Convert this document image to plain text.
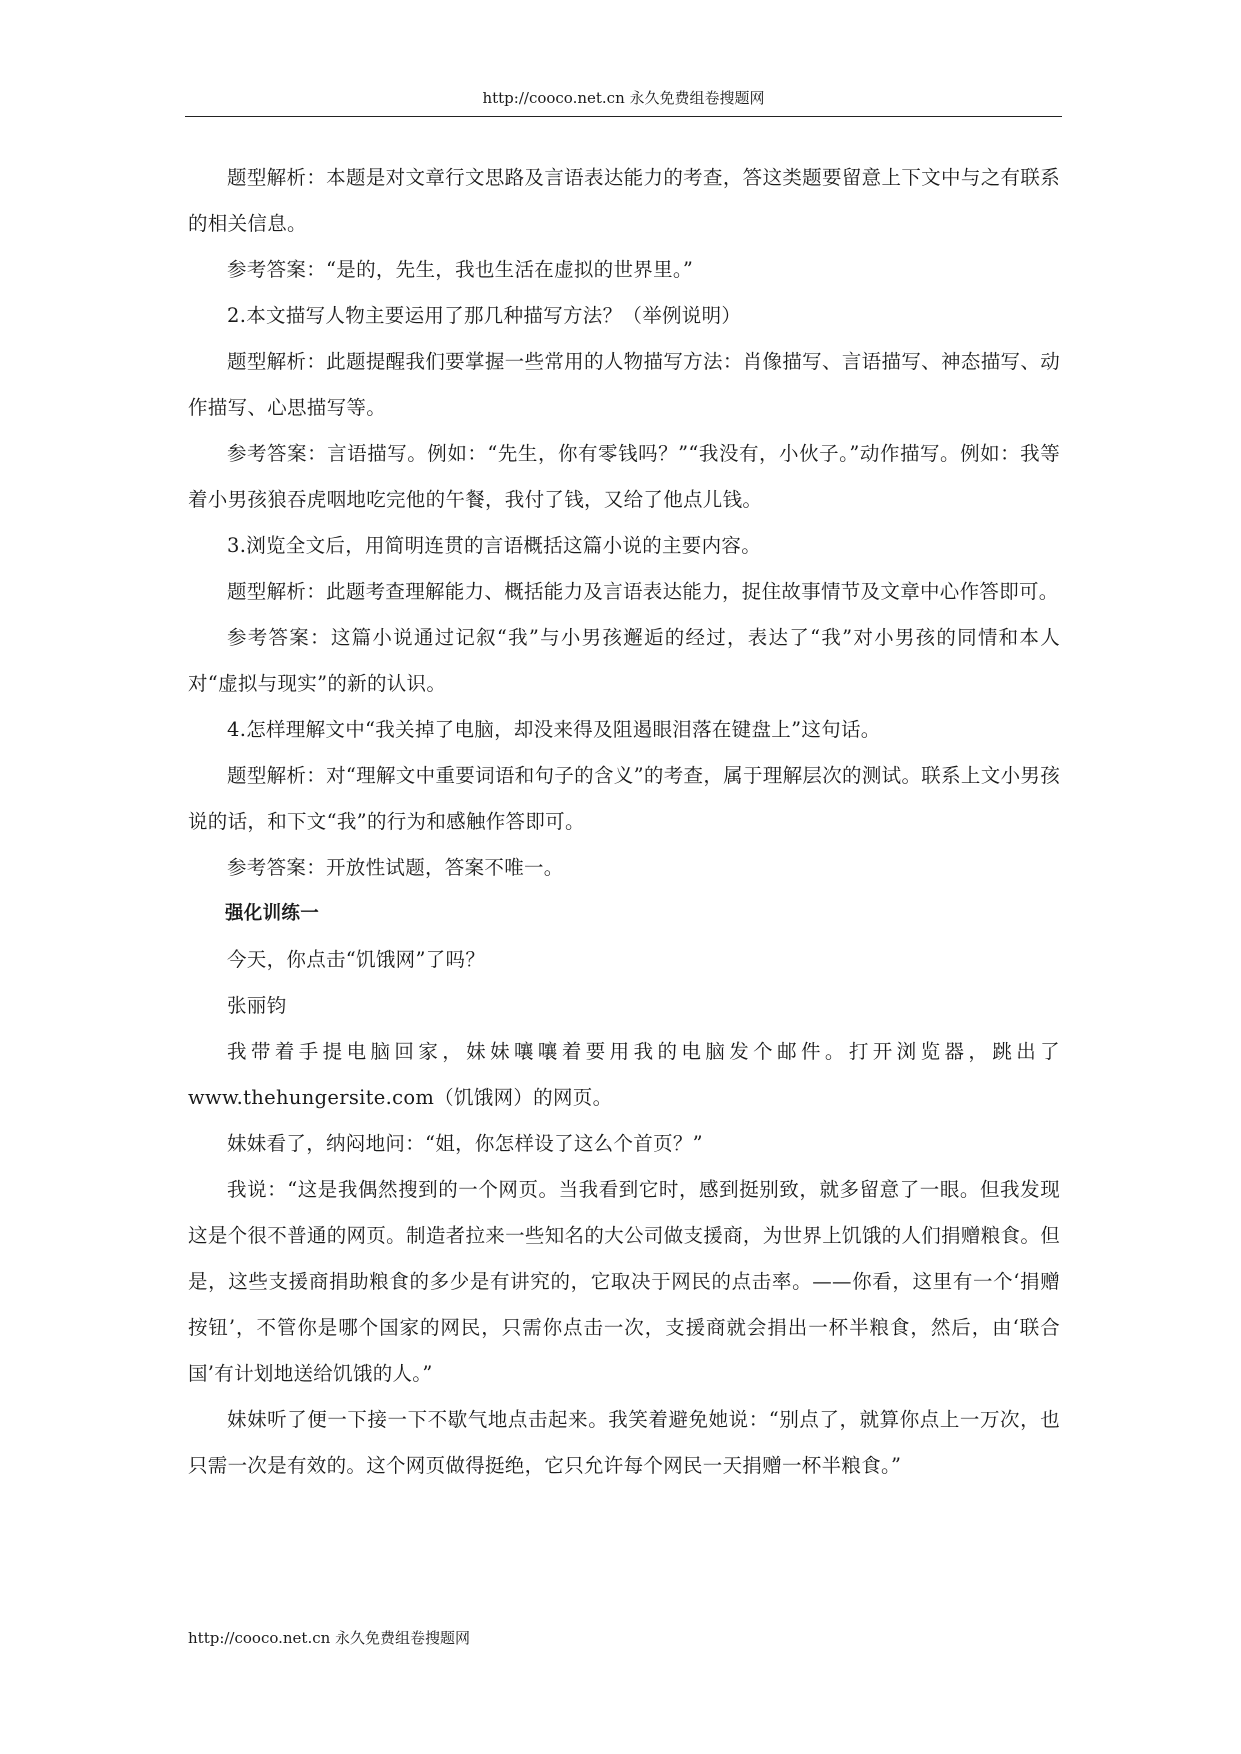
http://cooco.net.cn 永久免费组卷搜题网

题型解析：本题是对文章行文思路及言语表达能力的考查，答这类题要留意上下文中与之有联系的相关信息。

参考答案：“是的，先生，我也生活在虚拟的世界里。”

2.本文描写人物主要运用了那几种描写方法？（举例说明）

题型解析：此题提醒我们要掌握一些常用的人物描写方法：肖像描写、言语描写、神态描写、动作描写、心思描写等。

参考答案：言语描写。例如：“先生，你有零钱吗？”“我没有，小伙子。”动作描写。例如：我等着小男孩狼吞虎咽地吃完他的午餐，我付了钱，又给了他点儿钱。

3.浏览全文后，用简明连贯的言语概括这篇小说的主要内容。

题型解析：此题考查理解能力、概括能力及言语表达能力，捉住故事情节及文章中心作答即可。

参考答案：这篇小说通过记叙“我”与小男孩邂逅的经过，表达了“我”对小男孩的同情和本人对“虚拟与现实”的新的认识。

4.怎样理解文中“我关掉了电脑，却没来得及阻遏眼泪落在键盘上”这句话。

题型解析：对“理解文中重要词语和句子的含义”的考查，属于理解层次的测试。联系上文小男孩说的话，和下文“我”的行为和感触作答即可。

参考答案：开放性试题，答案不唯一。

强化训练一

今天，你点击“饥饿网”了吗？

张丽钧

我带着手提电脑回家，妹妹嚷嚷着要用我的电脑发个邮件。打开浏览器，跳出了www.thehungersite.com（饥饿网）的网页。

妹妹看了，纳闷地问：“姐，你怎样设了这么个首页？”

我说：“这是我偶然搜到的一个网页。当我看到它时，感到挺别致，就多留意了一眼。但我发现这是个很不普通的网页。制造者拉来一些知名的大公司做支援商，为世界上饥饿的人们捐赠粮食。但是，这些支援商捐助粮食的多少是有讲究的，它取决于网民的点击率。——你看，这里有一个‘捐赠按钮’，不管你是哪个国家的网民，只需你点击一次，支援商就会捐出一杯半粮食，然后，由‘联合国’有计划地送给饥饿的人。”

妹妹听了便一下接一下不歇气地点击起来。我笑着避免她说：“别点了，就算你点上一万次，也只需一次是有效的。这个网页做得挺绝，它只允许每个网民一天捐赠一杯半粮食。”

http://cooco.net.cn 永久免费组卷搜题网
